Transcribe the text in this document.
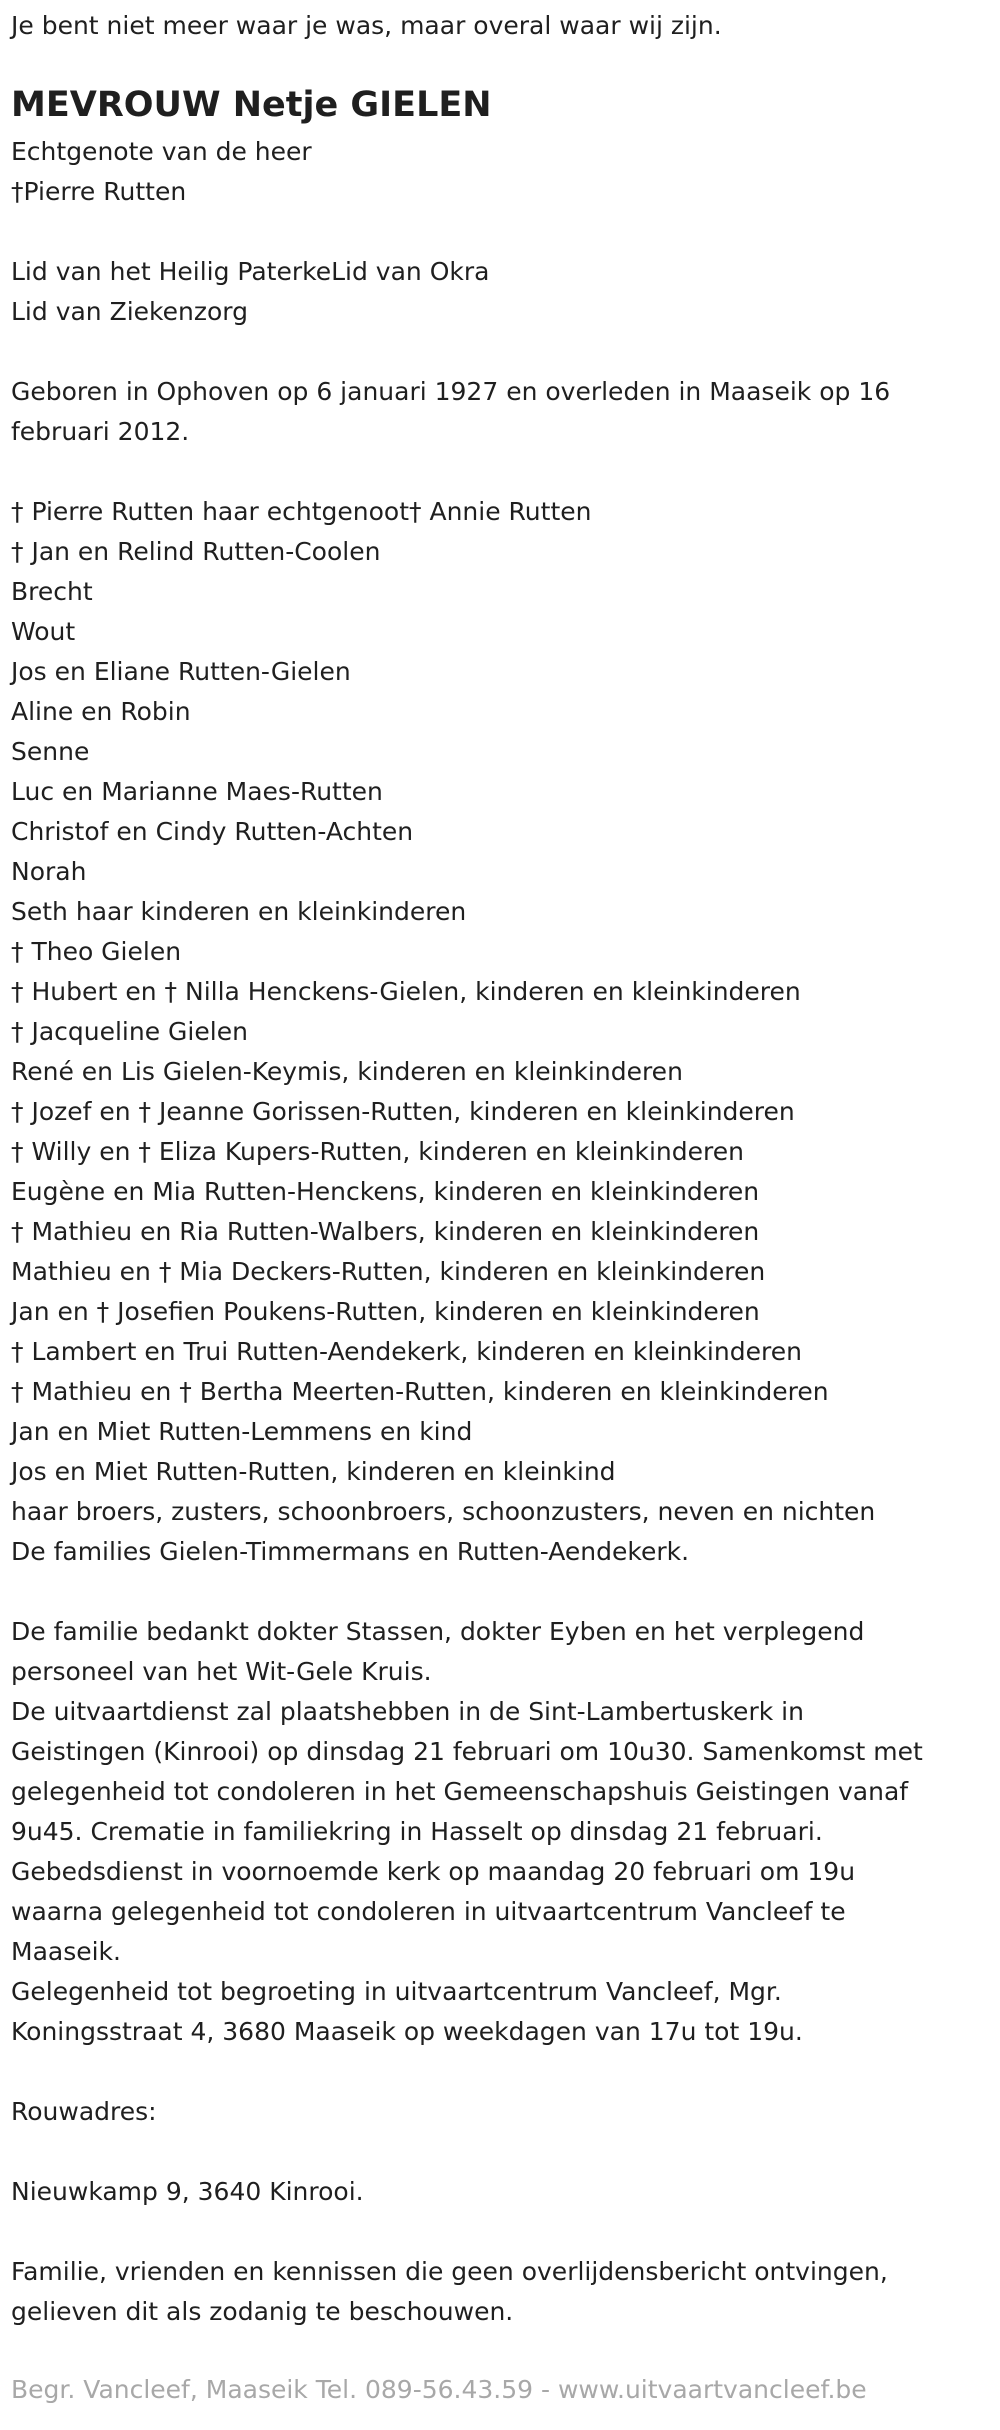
Je bent niet meer waar je was, maar overal waar wij zijn.
MEVROUW Netje GIELEN
Echtgenote van de heer
†Pierre Rutten
Lid van het Heilig PaterkeLid van Okra
Lid van Ziekenzorg
Geboren in Ophoven op 6 januari 1927 en overleden in Maaseik op 16
februari 2012.
† Pierre Rutten haar echtgenoot† Annie Rutten
† Jan en Relind Rutten-Coolen
Brecht
Wout
Jos en Eliane Rutten-Gielen
Aline en Robin
Senne
Luc en Marianne Maes-Rutten
Christof en Cindy Rutten-Achten
Norah
Seth haar kinderen en kleinkinderen
† Theo Gielen
† Hubert en † Nilla Henckens-Gielen, kinderen en kleinkinderen
† Jacqueline Gielen
René en Lis Gielen-Keymis, kinderen en kleinkinderen
† Jozef en † Jeanne Gorissen-Rutten, kinderen en kleinkinderen
† Willy en † Eliza Kupers-Rutten, kinderen en kleinkinderen
Eugène en Mia Rutten-Henckens, kinderen en kleinkinderen
† Mathieu en Ria Rutten-Walbers, kinderen en kleinkinderen
Mathieu en † Mia Deckers-Rutten, kinderen en kleinkinderen
Jan en † Josefien Poukens-Rutten, kinderen en kleinkinderen
† Lambert en Trui Rutten-Aendekerk, kinderen en kleinkinderen
† Mathieu en † Bertha Meerten-Rutten, kinderen en kleinkinderen
Jan en Miet Rutten-Lemmens en kind
Jos en Miet Rutten-Rutten, kinderen en kleinkind
haar broers, zusters, schoonbroers, schoonzusters, neven en nichten
De families Gielen-Timmermans en Rutten-Aendekerk.
De familie bedankt dokter Stassen, dokter Eyben en het verplegend
personeel van het Wit-Gele Kruis.
De uitvaartdienst zal plaatshebben in de Sint-Lambertuskerk in
Geistingen (Kinrooi) op dinsdag 21 februari om 10u30. Samenkomst met
gelegenheid tot condoleren in het Gemeenschapshuis Geistingen vanaf
9u45. Crematie in familiekring in Hasselt op dinsdag 21 februari.
Gebedsdienst in voornoemde kerk op maandag 20 februari om 19u
waarna gelegenheid tot condoleren in uitvaartcentrum Vancleef te
Maaseik.
Gelegenheid tot begroeting in uitvaartcentrum Vancleef, Mgr.
Koningsstraat 4, 3680 Maaseik op weekdagen van 17u tot 19u.
Rouwadres:
Nieuwkamp 9, 3640 Kinrooi.
Familie, vrienden en kennissen die geen overlijdensbericht ontvingen,
gelieven dit als zodanig te beschouwen.
Begr. Vancleef, Maaseik Tel. 089-56.43.59 - www.uitvaartvancleef.be
